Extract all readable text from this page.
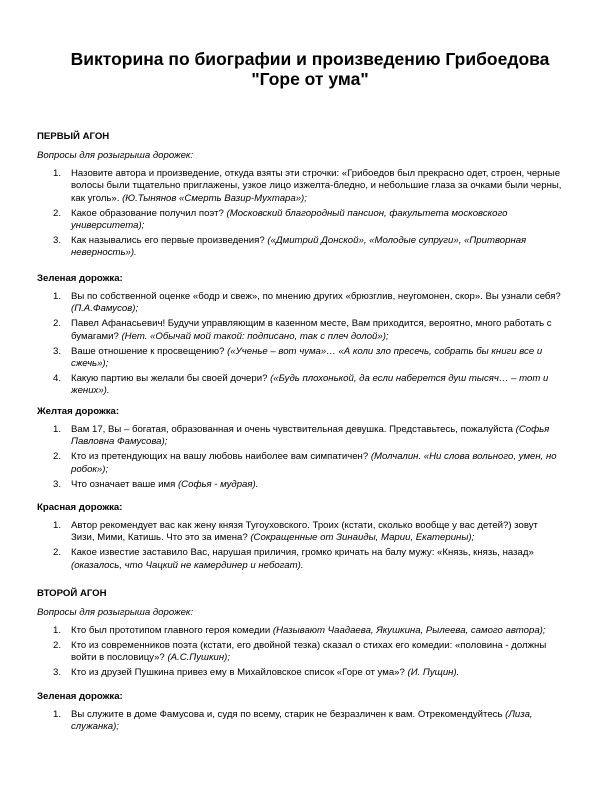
Викторина по биографии и произведению Грибоедова
"Горе от ума"
ПЕРВЫЙ АГОН
Вопросы для розыгрыша дорожек:
1. Назовите автора и произведение, откуда взяты эти строчки: «Грибоедов был прекрасно одет, строен, черные волосы были тщательно приглажены, узкое лицо изжелта-бледно, и небольшие глаза за очками были черны, как уголь». (Ю.Тынянов «Смерть Вазир-Мухтара»);
2. Какое образование получил поэт? (Московский благородный пансион, факультета московского университета);
3. Как назывались его первые произведения? («Дмитрий Донской», «Молодые супруги», «Притворная неверность»).
Зеленая дорожка:
1. Вы по собственной оценке «бодр и свеж», по мнению других «брюзглив, неугомонен, скор». Вы узнали себя? (П.А.Фамусов);
2. Павел Афанасьевич! Будучи управляющим в казенном месте, Вам приходится, вероятно, много работать с бумагами? (Нет. «Обычай мой такой: подписано, так с плеч долой»);
3. Ваше отношение к просвещению? («Ученье – вот чума»… «А коли зло пресечь, собрать бы книги все и сжечь»);
4. Какую партию вы желали бы своей дочери? («Будь плохонькой, да если наберется душ тысяч… – тот и жених»).
Желтая дорожка:
1. Вам 17, Вы – богатая, образованная и очень чувствительная девушка. Представьтесь, пожалуйста (Софья Павловна Фамусова);
2. Кто из претендующих на вашу любовь наиболее вам симпатичен? (Молчалин. «Ни слова вольного, умен, но робок»);
3. Что означает ваше имя (Софья - мудрая).
Красная дорожка:
1. Автор рекомендует вас как жену князя Тугоуховского. Троих (кстати, сколько вообще у вас детей?) зовут Зизи, Мими, Катишь. Что это за имена? (Сокращенные от Зинаиды, Марии, Екатерины);
2. Какое известие заставило Вас, нарушая приличия, громко кричать на балу мужу: «Князь, князь, назад» (оказалось, что Чацкий не камердинер и небогат).
ВТОРОЙ АГОН
Вопросы для розыгрыша дорожек:
1. Кто был прототипом главного героя комедии (Называют Чаадаева, Якушкина, Рылеева, самого автора);
2. Кто из современников поэта (кстати, его двойной тезка) сказал о стихах его комедии: «половина - должны войти в пословицу»? (А.С.Пушкин);
3. Кто из друзей Пушкина привез ему в Михайловское список «Горе от ума»? (И. Пущин).
Зеленая дорожка:
1. Вы служите в доме Фамусова и, судя по всему, старик не безразличен к вам. Отрекомендуйтесь (Лиза, служанка);
